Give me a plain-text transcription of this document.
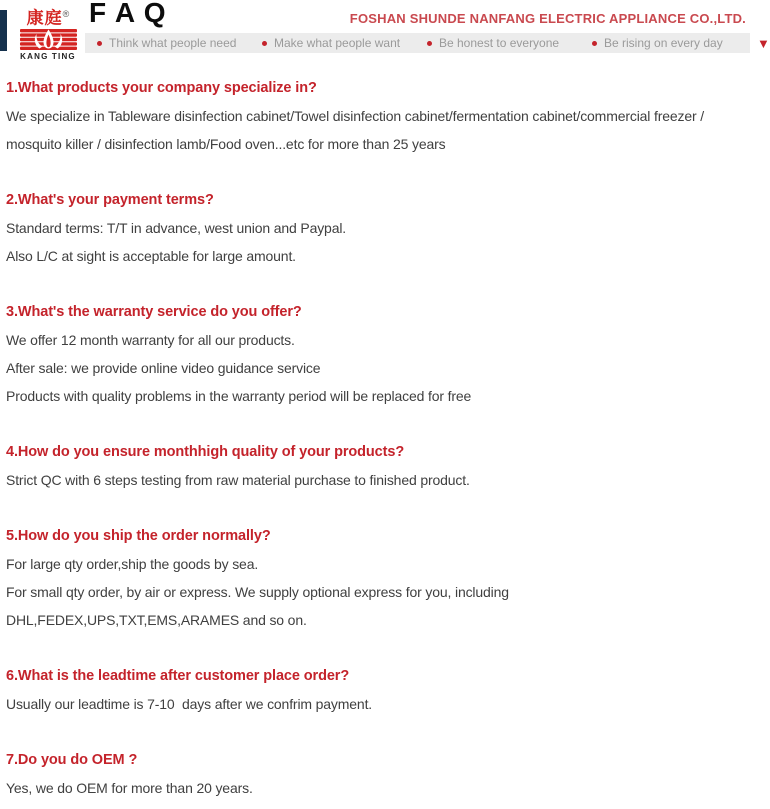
Think what people need	Make what people want	Be honest to everyone	Be rising on every day	▼
康庭®
KANG TING
F A Q	FOSHAN SHUNDE NANFANG ELECTRIC APPLIANCE CO.,LTD.

1.What products your company specialize in?

We specialize in Tableware disinfection cabinet/Towel disinfection cabinet/fermentation cabinet/commercial freezer /

mosquito killer / disinfection lamb/Food oven...etc for more than 25 years

2.What's your payment terms?

Standard terms: T/T in advance, west union and Paypal.

Also L/C at sight is acceptable for large amount.

3.What's the warranty service do you offer?

We offer 12 month warranty for all our products.

After sale: we provide online video guidance service

Products with quality problems in the warranty period will be replaced for free

4.How do you ensure monthhigh quality of your products?

Strict QC with 6 steps testing from raw material purchase to finished product.

5.How do you ship the order normally?

For large qty order,ship the goods by sea.

For small qty order, by air or express. We supply optional express for you, including

DHL,FEDEX,UPS,TXT,EMS,ARAMES and so on.

6.What is the leadtime after customer place order?

Usually our leadtime is 7-10  days after we confrim payment.

7.Do you do OEM ?

Yes, we do OEM for more than 20 years.
